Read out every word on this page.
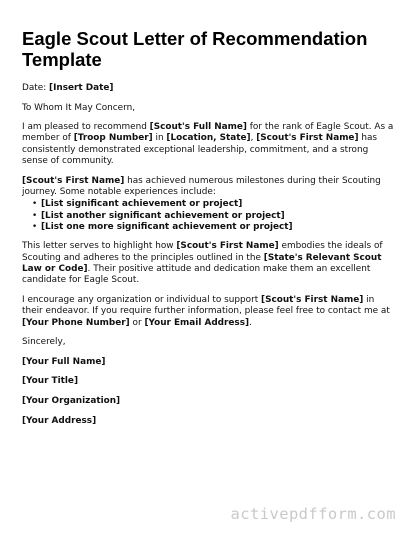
Eagle Scout Letter of Recommendation Template

Date: [Insert Date]

To Whom It May Concern,

I am pleased to recommend [Scout's Full Name] for the rank of Eagle Scout. As a member of [Troop Number] in [Location, State], [Scout's First Name] has consistently demonstrated exceptional leadership, commitment, and a strong sense of community.

[Scout's First Name] has achieved numerous milestones during their Scouting journey. Some notable experiences include:

• [List significant achievement or project]
• [List another significant achievement or project]
• [List one more significant achievement or project]

This letter serves to highlight how [Scout's First Name] embodies the ideals of Scouting and adheres to the principles outlined in the [State's Relevant Scout Law or Code]. Their positive attitude and dedication make them an excellent candidate for Eagle Scout.

I encourage any organization or individual to support [Scout's First Name] in their endeavor. If you require further information, please feel free to contact me at [Your Phone Number] or [Your Email Address].

Sincerely,

[Your Full Name]

[Your Title]

[Your Organization]

[Your Address]

activepdfform.com
